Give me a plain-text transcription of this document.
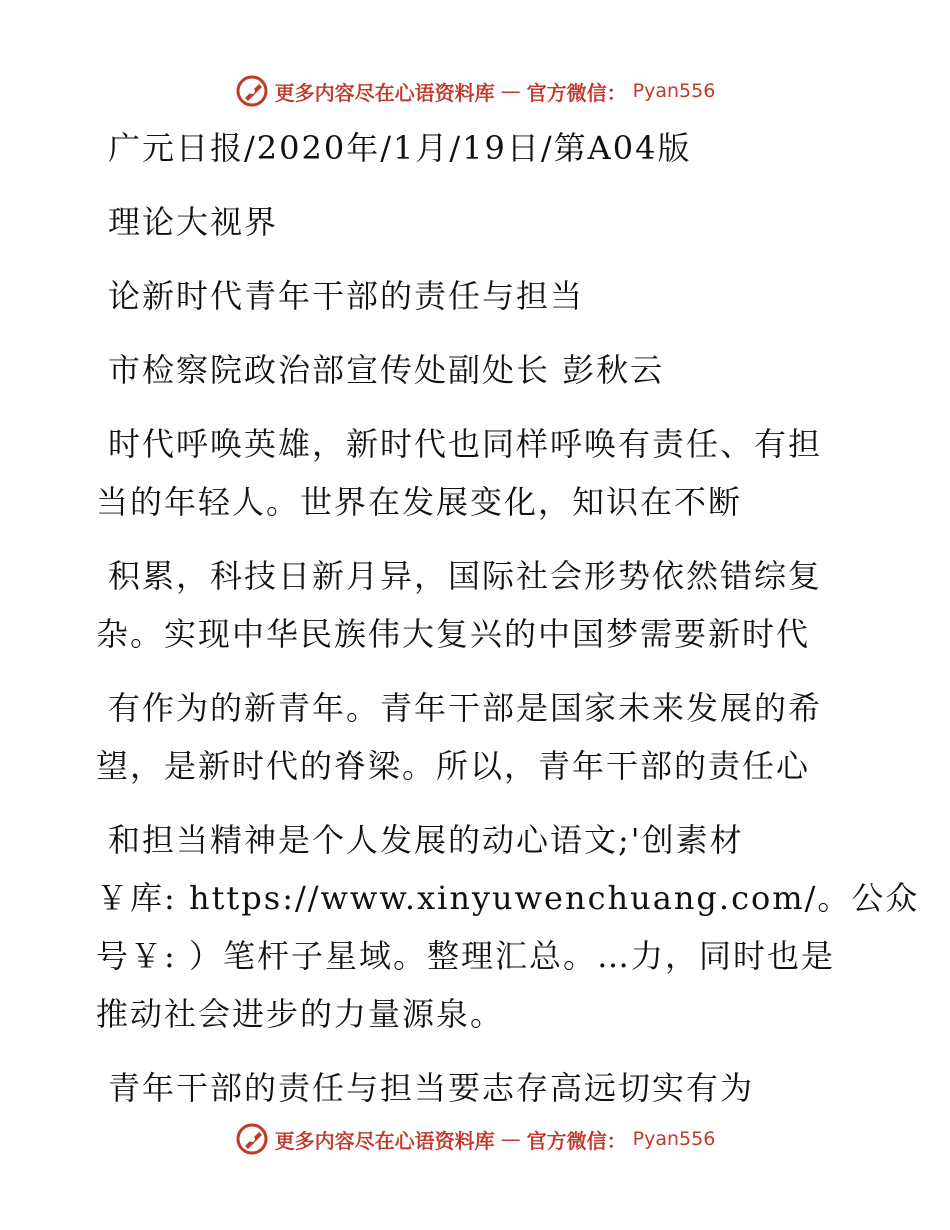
更多内容尽在心语资料库 — 官方微信： Pyan556
广元日报/2020年/1月/19日/第A04版
理论大视界
论新时代青年干部的责任与担当
市检察院政治部宣传处副处长 彭秋云
时代呼唤英雄，新时代也同样呼唤有责任、有担
当的年轻人。世界在发展变化，知识在不断
积累，科技日新月异，国际社会形势依然错综复
杂。实现中华民族伟大复兴的中国梦需要新时代
有作为的新青年。青年干部是国家未来发展的希
望，是新时代的脊梁。所以，青年干部的责任心
和担当精神是个人发展的动心语文;'创素材
￥库: https://www.xinyuwenchuang.com/。公众
号￥: ）笔杆子星域。整理汇总。…力，同时也是
推动社会进步的力量源泉。
青年干部的责任与担当要志存高远切实有为
更多内容尽在心语资料库 — 官方微信： Pyan556
